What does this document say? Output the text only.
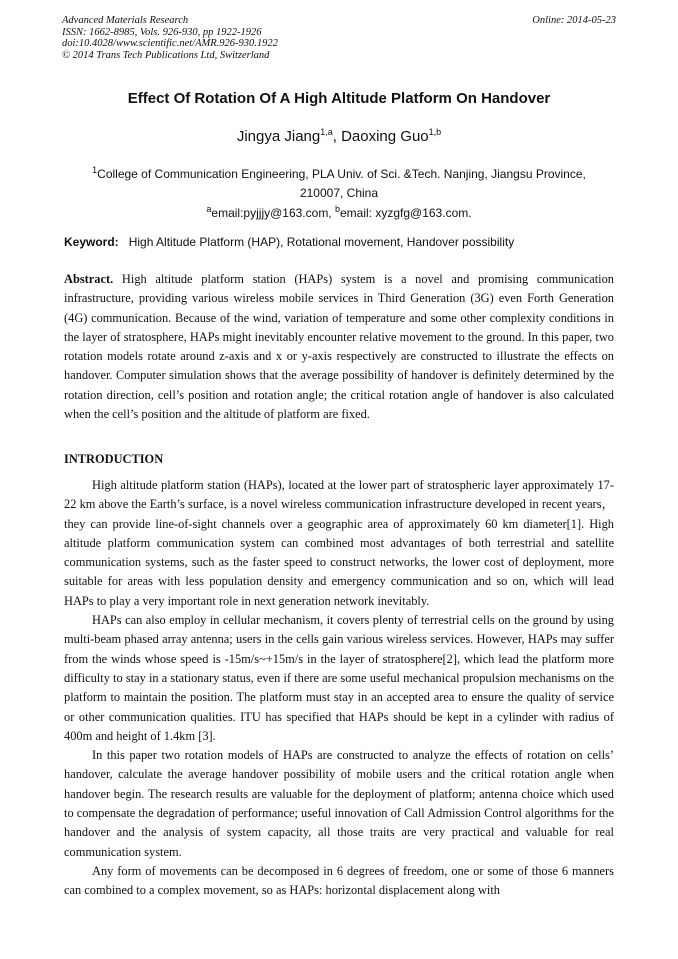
Advanced Materials Research
ISSN: 1662-8985, Vols. 926-930, pp 1922-1926
doi:10.4028/www.scientific.net/AMR.926-930.1922
© 2014 Trans Tech Publications Ltd, Switzerland
Online: 2014-05-23
Effect Of Rotation Of A High Altitude Platform On Handover
Jingya Jiang$^{1,a}$, Daoxing Guo$^{1,b}$
$^1$College of Communication Engineering, PLA Univ. of Sci. &Tech. Nanjing, Jiangsu Province, 210007, China
$^a$email:pyjjjy@163.com, $^b$email: xyzgfg@163.com.
Keyword: High Altitude Platform (HAP), Rotational movement, Handover possibility
Abstract. High altitude platform station (HAPs) system is a novel and promising communication infrastructure, providing various wireless mobile services in Third Generation (3G) even Forth Generation (4G) communication. Because of the wind, variation of temperature and some other complexity conditions in the layer of stratosphere, HAPs might inevitably encounter relative movement to the ground. In this paper, two rotation models rotate around z-axis and x or y-axis respectively are constructed to illustrate the effects on handover. Computer simulation shows that the average possibility of handover is definitely determined by the rotation direction, cell’s position and rotation angle; the critical rotation angle of handover is also calculated when the cell’s position and the altitude of platform are fixed.
INTRODUCTION

High altitude platform station (HAPs), located at the lower part of stratospheric layer approximately 17-22 km above the Earth’s surface, is a novel wireless communication infrastructure developed in recent years，they can provide line-of-sight channels over a geographic area of approximately 60 km diameter[1]. High altitude platform communication system can combined most advantages of both terrestrial and satellite communication systems, such as the faster speed to construct networks, the lower cost of deployment, more suitable for areas with less population density and emergency communication and so on, which will lead HAPs to play a very important role in next generation network inevitably.

HAPs can also employ in cellular mechanism, it covers plenty of terrestrial cells on the ground by using multi-beam phased array antenna; users in the cells gain various wireless services. However, HAPs may suffer from the winds whose speed is -15m/s~+15m/s in the layer of stratosphere[2], which lead the platform more difficulty to stay in a stationary status, even if there are some useful mechanical propulsion mechanisms on the platform to maintain the position. The platform must stay in an accepted area to ensure the quality of service or other communication qualities. ITU has specified that HAPs should be kept in a cylinder with radius of 400m and height of 1.4km [3].

In this paper two rotation models of HAPs are constructed to analyze the effects of rotation on cells’ handover, calculate the average handover possibility of mobile users and the critical rotation angle when handover begin. The research results are valuable for the deployment of platform; antenna choice which used to compensate the degradation of performance; useful innovation of Call Admission Control algorithms for the handover and the analysis of system capacity, all those traits are very practical and valuable for real communication system.

Any form of movements can be decomposed in 6 degrees of freedom, one or some of those 6 manners can combined to a complex movement, so as HAPs: horizontal displacement along with
